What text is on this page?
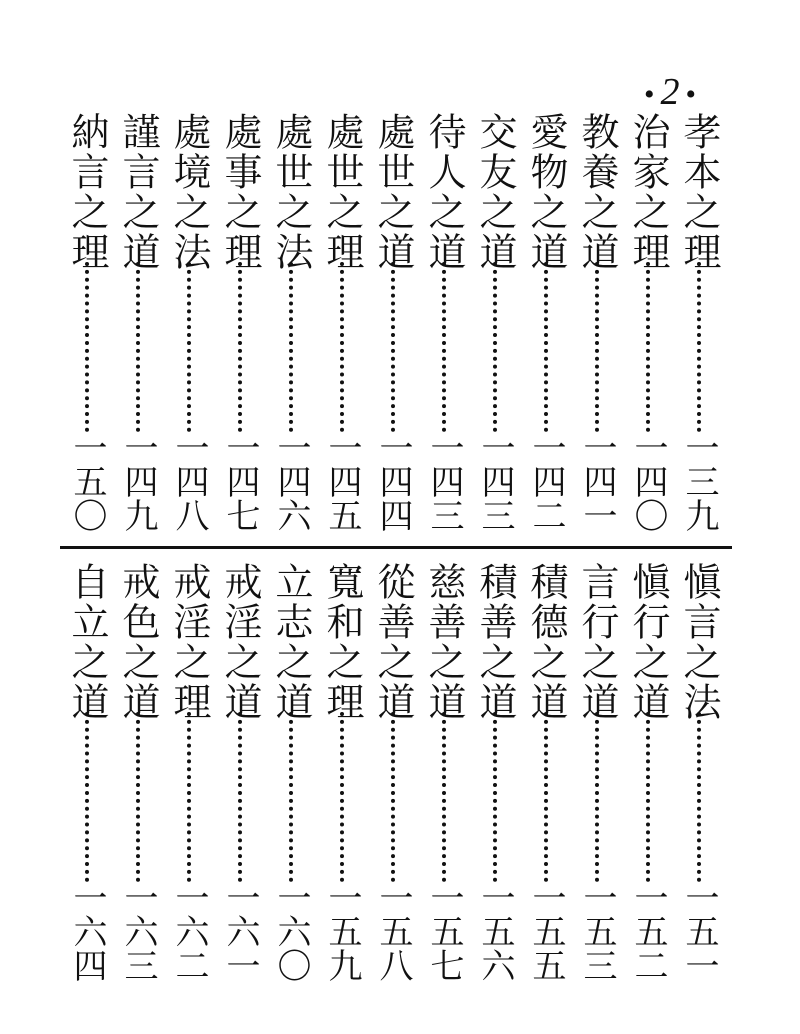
• 2 •
孝本之理
一三九
治家之理
一四〇
教養之道
一四一
愛物之道
一四二
交友之道
一四三
待人之道
一四三
處世之道
一四四
處世之理
一四五
處世之法
一四六
處事之理
一四七
處境之法
一四八
謹言之道
一四九
納言之理
一五〇
愼言之法
一五一
愼行之道
一五二
言行之道
一五三
積德之道
一五五
積善之道
一五六
慈善之道
一五七
從善之道
一五八
寬和之理
一五九
立志之道
一六〇
戒淫之道
一六一
戒淫之理
一六二
戒色之道
一六三
自立之道
一六四
